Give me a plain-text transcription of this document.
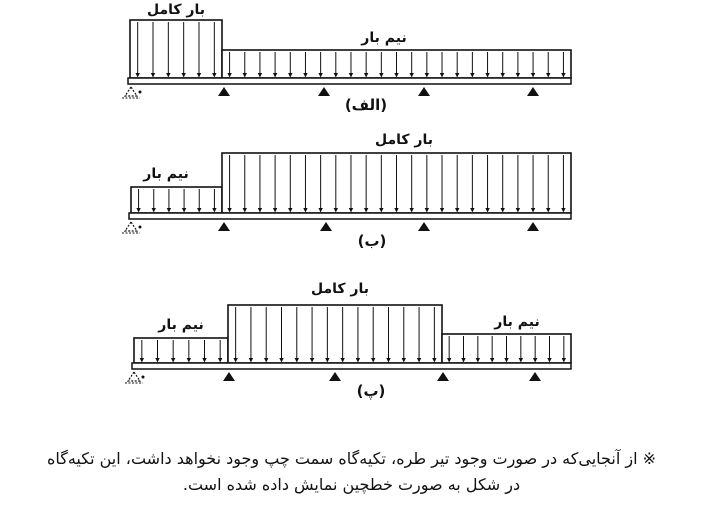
بار کامل
نیم بار
(الف)
نیم بار
بار کامل
(ب)
نیم بار
بار کامل
نیم بار
(پ)
※ از آنجایی‌که در صورت وجود تیر طره، تکیه‌گاه سمت چپ وجود نخواهد داشت، این تکیه‌گاه
در شکل به صورت خطچین نمایش داده شده است.
